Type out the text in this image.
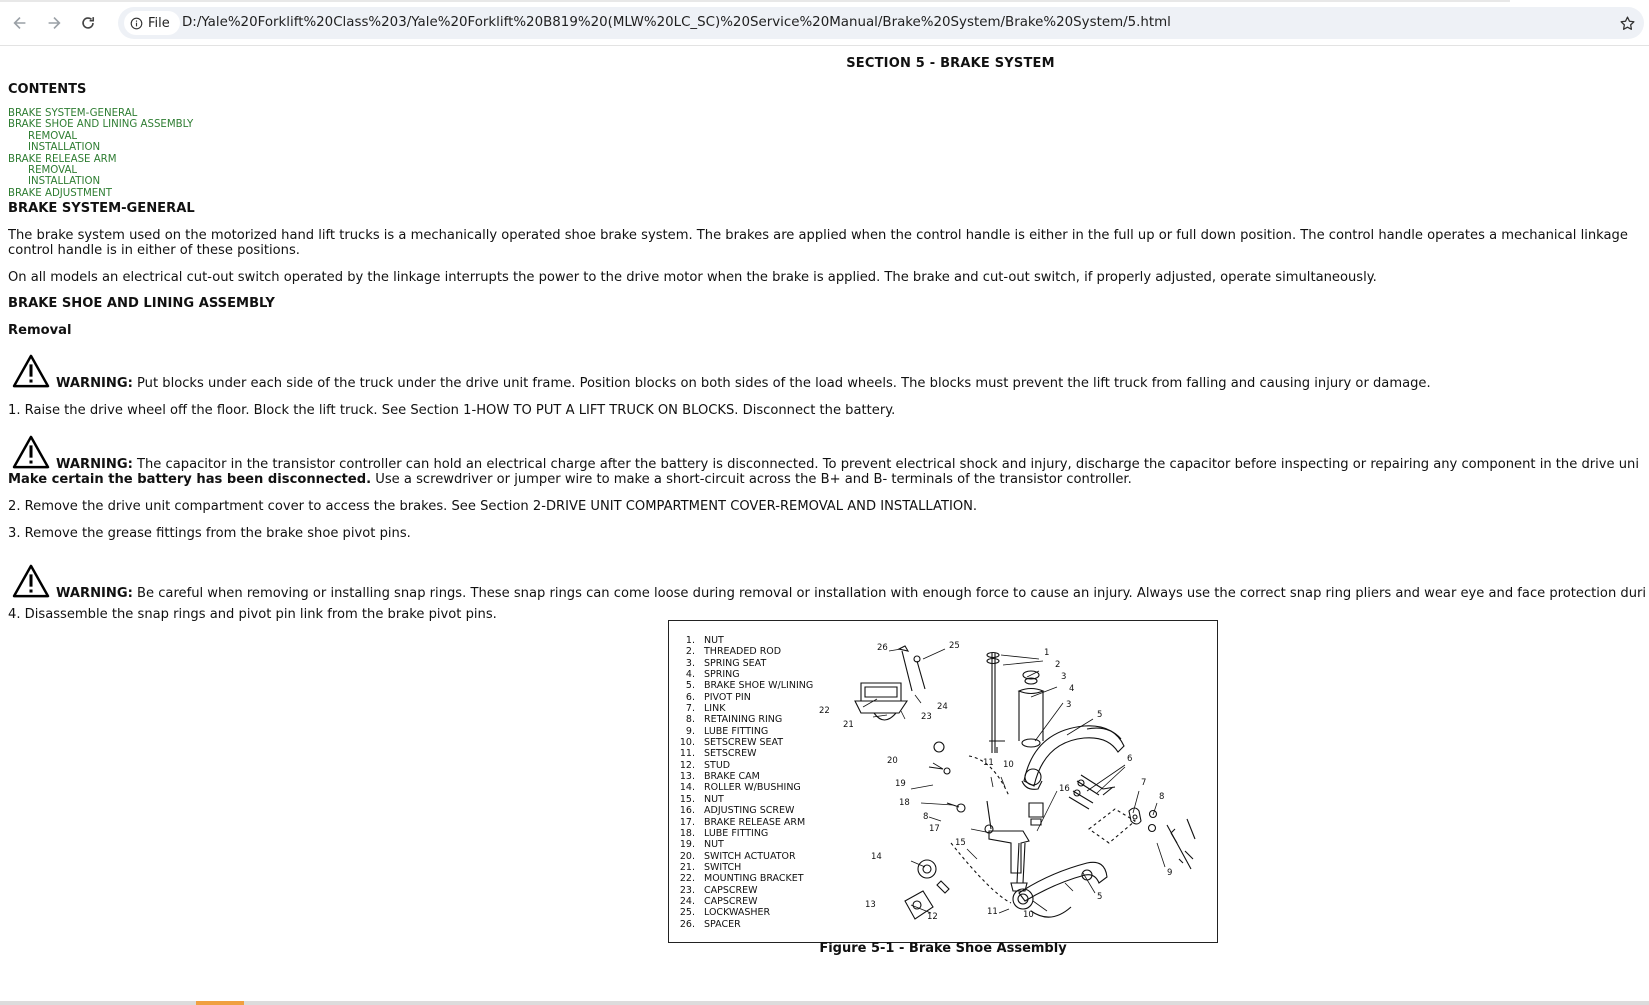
File D:/Yale%20Forklift%20Class%203/Yale%20Forklift%20B819%20(MLW%20LC_SC)%20Service%20Manual/Brake%20System/Brake%20System/5.html
SECTION 5 - BRAKE SYSTEM
CONTENTS
BRAKE SYSTEM-GENERAL
BRAKE SHOE AND LINING ASSEMBLY
REMOVAL
INSTALLATION
BRAKE RELEASE ARM
REMOVAL
INSTALLATION
BRAKE ADJUSTMENT
BRAKE SYSTEM-GENERAL
The brake system used on the motorized hand lift trucks is a mechanically operated shoe brake system. The brakes are applied when the control handle is either in the full up or full down position. The control handle operates a mechanical linkage
control handle is in either of these positions.
On all models an electrical cut-out switch operated by the linkage interrupts the power to the drive motor when the brake is applied. The brake and cut-out switch, if properly adjusted, operate simultaneously.
BRAKE SHOE AND LINING ASSEMBLY
Removal
WARNING: Put blocks under each side of the truck under the drive unit frame. Position blocks on both sides of the load wheels. The blocks must prevent the lift truck from falling and causing injury or damage.
1. Raise the drive wheel off the floor. Block the lift truck. See Section 1-HOW TO PUT A LIFT TRUCK ON BLOCKS. Disconnect the battery.
WARNING: The capacitor in the transistor controller can hold an electrical charge after the battery is disconnected. To prevent electrical shock and injury, discharge the capacitor before inspecting or repairing any component in the drive uni
Make certain the battery has been disconnected. Use a screwdriver or jumper wire to make a short-circuit across the B+ and B- terminals of the transistor controller.
2. Remove the drive unit compartment cover to access the brakes. See Section 2-DRIVE UNIT COMPARTMENT COVER-REMOVAL AND INSTALLATION.
3. Remove the grease fittings from the brake shoe pivot pins.
WARNING: Be careful when removing or installing snap rings. These snap rings can come loose during removal or installation with enough force to cause an injury. Always use the correct snap ring pliers and wear eye and face protection duri
4. Disassemble the snap rings and pivot pin link from the brake pivot pins.
1. NUT
2. THREADED ROD
3. SPRING SEAT
4. SPRING
5. BRAKE SHOE W/LINING
6. PIVOT PIN
7. LINK
8. RETAINING RING
9. LUBE FITTING
10. SETSCREW SEAT
11. SETSCREW
12. STUD
13. BRAKE CAM
14. ROLLER W/BUSHING
15. NUT
16. ADJUSTING SCREW
17. BRAKE RELEASE ARM
18. LUBE FITTING
19. NUT
20. SWITCH ACTUATOR
21. SWITCH
22. MOUNTING BRACKET
23. CAPSCREW
24. CAPSCREW
25. LOCKWASHER
26. SPACER
1
2
3
4
3
5
6
7
8
9
5
10
11
12
13
14
15
16
17
8
18
19
20	11 10
21
22
23
24
25
26
Figure 5-1 - Brake Shoe Assembly
